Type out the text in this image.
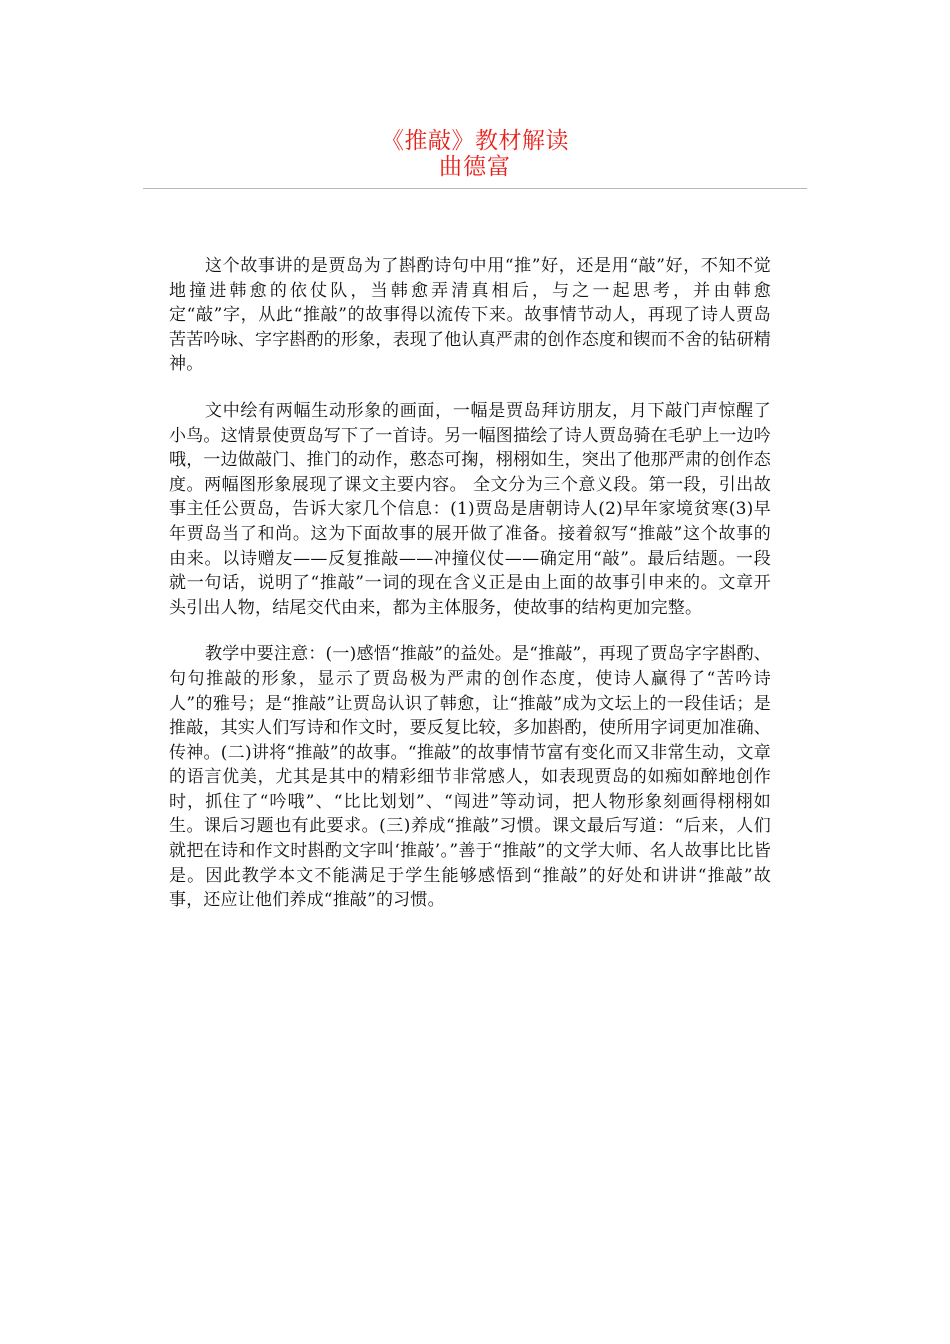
《推敲》教材解读
曲德富

这个故事讲的是贾岛为了斟酌诗句中用“推”好，还是用“敲”好，不知不觉地撞进韩愈的依仗队，当韩愈弄清真相后，与之一起思考，并由韩愈定“敲”字，从此“推敲”的故事得以流传下来。故事情节动人，再现了诗人贾岛苦苦吟咏、字字斟酌的形象，表现了他认真严肃的创作态度和锲而不舍的钻研精神。

文中绘有两幅生动形象的画面，一幅是贾岛拜访朋友，月下敲门声惊醒了小鸟。这情景使贾岛写下了一首诗。另一幅图描绘了诗人贾岛骑在毛驴上一边吟哦，一边做敲门、推门的动作，憨态可掬，栩栩如生，突出了他那严肃的创作态度。两幅图形象展现了课文主要内容。 全文分为三个意义段。第一段，引出故事主任公贾岛，告诉大家几个信息：(1)贾岛是唐朝诗人(2)早年家境贫寒(3)早年贾岛当了和尚。这为下面故事的展开做了准备。接着叙写“推敲”这个故事的由来。以诗赠友——反复推敲——冲撞仪仗——确定用“敲”。最后结题。一段就一句话，说明了“推敲”一词的现在含义正是由上面的故事引申来的。文章开头引出人物，结尾交代由来，都为主体服务，使故事的结构更加完整。

教学中要注意：(一)感悟“推敲”的益处。是“推敲”，再现了贾岛字字斟酌、句句推敲的形象，显示了贾岛极为严肃的创作态度，使诗人赢得了“苦吟诗人”的雅号；是“推敲”让贾岛认识了韩愈，让“推敲”成为文坛上的一段佳话；是推敲，其实人们写诗和作文时，要反复比较，多加斟酌，使所用字词更加准确、传神。(二)讲将“推敲”的故事。“推敲”的故事情节富有变化而又非常生动，文章的语言优美，尤其是其中的精彩细节非常感人，如表现贾岛的如痴如醉地创作时，抓住了“吟哦”、“比比划划”、“闯进”等动词，把人物形象刻画得栩栩如生。课后习题也有此要求。(三)养成“推敲”习惯。课文最后写道：“后来，人们就把在诗和作文时斟酌文字叫‘推敲’。”善于“推敲”的文学大师、名人故事比比皆是。因此教学本文不能满足于学生能够感悟到“推敲”的好处和讲讲“推敲”故事，还应让他们养成“推敲”的习惯。
